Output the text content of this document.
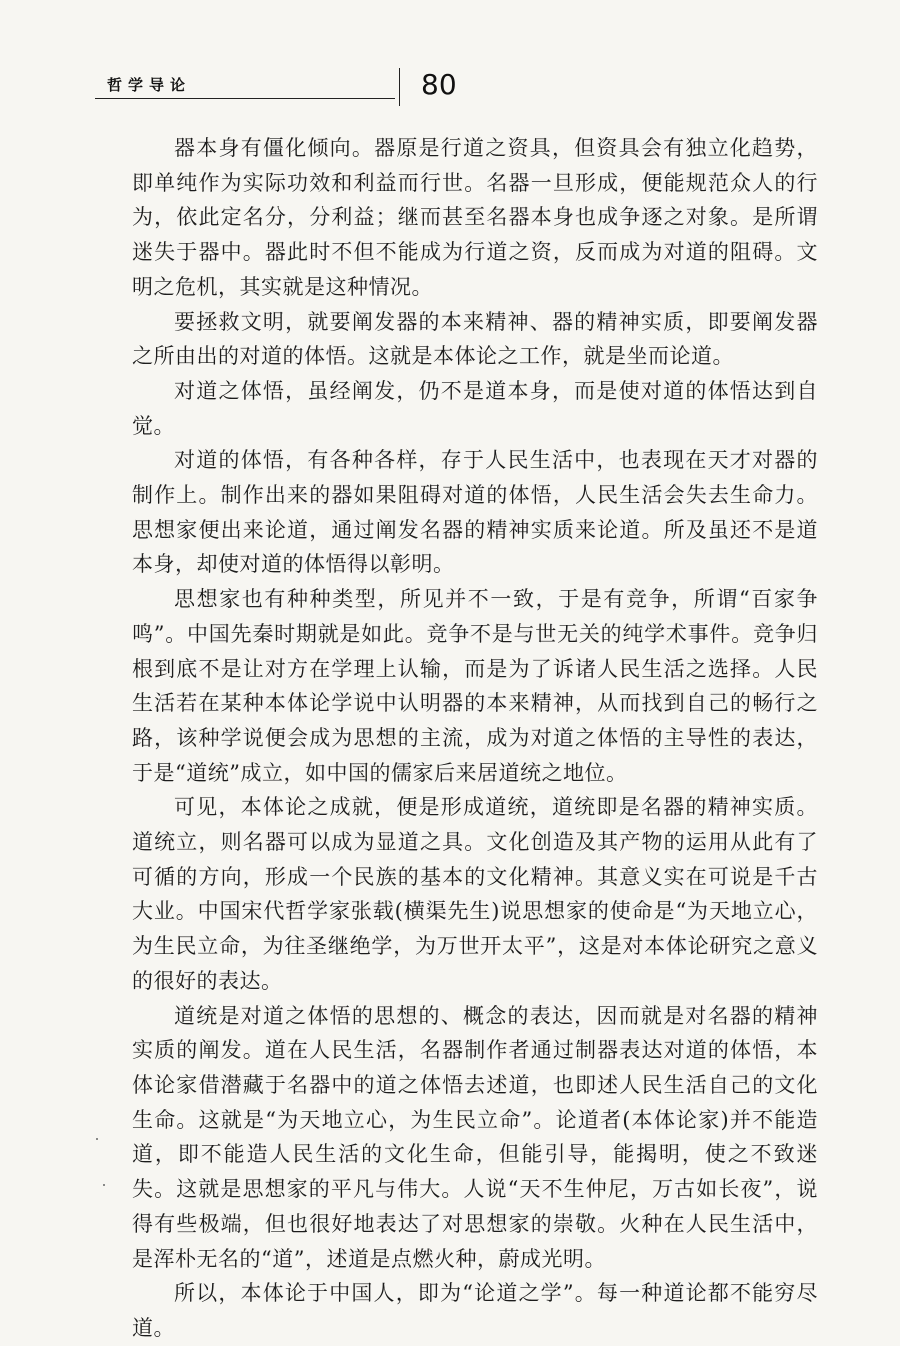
哲学导论	80

器本身有僵化倾向。器原是行道之资具，但资具会有独立化趋势，即单纯作为实际功效和利益而行世。名器一旦形成，便能规范众人的行为，依此定名分，分利益；继而甚至名器本身也成争逐之对象。是所谓迷失于器中。器此时不但不能成为行道之资，反而成为对道的阻碍。文明之危机，其实就是这种情况。

要拯救文明，就要阐发器的本来精神、器的精神实质，即要阐发器之所由出的对道的体悟。这就是本体论之工作，就是坐而论道。

对道之体悟，虽经阐发，仍不是道本身，而是使对道的体悟达到自觉。

对道的体悟，有各种各样，存于人民生活中，也表现在天才对器的制作上。制作出来的器如果阻碍对道的体悟，人民生活会失去生命力。思想家便出来论道，通过阐发名器的精神实质来论道。所及虽还不是道本身，却使对道的体悟得以彰明。

思想家也有种种类型，所见并不一致，于是有竞争，所谓“百家争鸣”。中国先秦时期就是如此。竞争不是与世无关的纯学术事件。竞争归根到底不是让对方在学理上认输，而是为了诉诸人民生活之选择。人民生活若在某种本体论学说中认明器的本来精神，从而找到自己的畅行之路，该种学说便会成为思想的主流，成为对道之体悟的主导性的表达，于是“道统”成立，如中国的儒家后来居道统之地位。

可见，本体论之成就，便是形成道统，道统即是名器的精神实质。道统立，则名器可以成为显道之具。文化创造及其产物的运用从此有了可循的方向，形成一个民族的基本的文化精神。其意义实在可说是千古大业。中国宋代哲学家张载(横渠先生)说思想家的使命是“为天地立心，为生民立命，为往圣继绝学，为万世开太平”，这是对本体论研究之意义的很好的表达。

道统是对道之体悟的思想的、概念的表达，因而就是对名器的精神实质的阐发。道在人民生活，名器制作者通过制器表达对道的体悟，本体论家借潜藏于名器中的道之体悟去述道，也即述人民生活自己的文化生命。这就是“为天地立心，为生民立命”。论道者(本体论家)并不能造道，即不能造人民生活的文化生命，但能引导，能揭明，使之不致迷失。这就是思想家的平凡与伟大。人说“天不生仲尼，万古如长夜”，说得有些极端，但也很好地表达了对思想家的崇敬。火种在人民生活中，是浑朴无名的“道”，述道是点燃火种，蔚成光明。

所以，本体论于中国人，即为“论道之学”。每一种道论都不能穷尽道。
